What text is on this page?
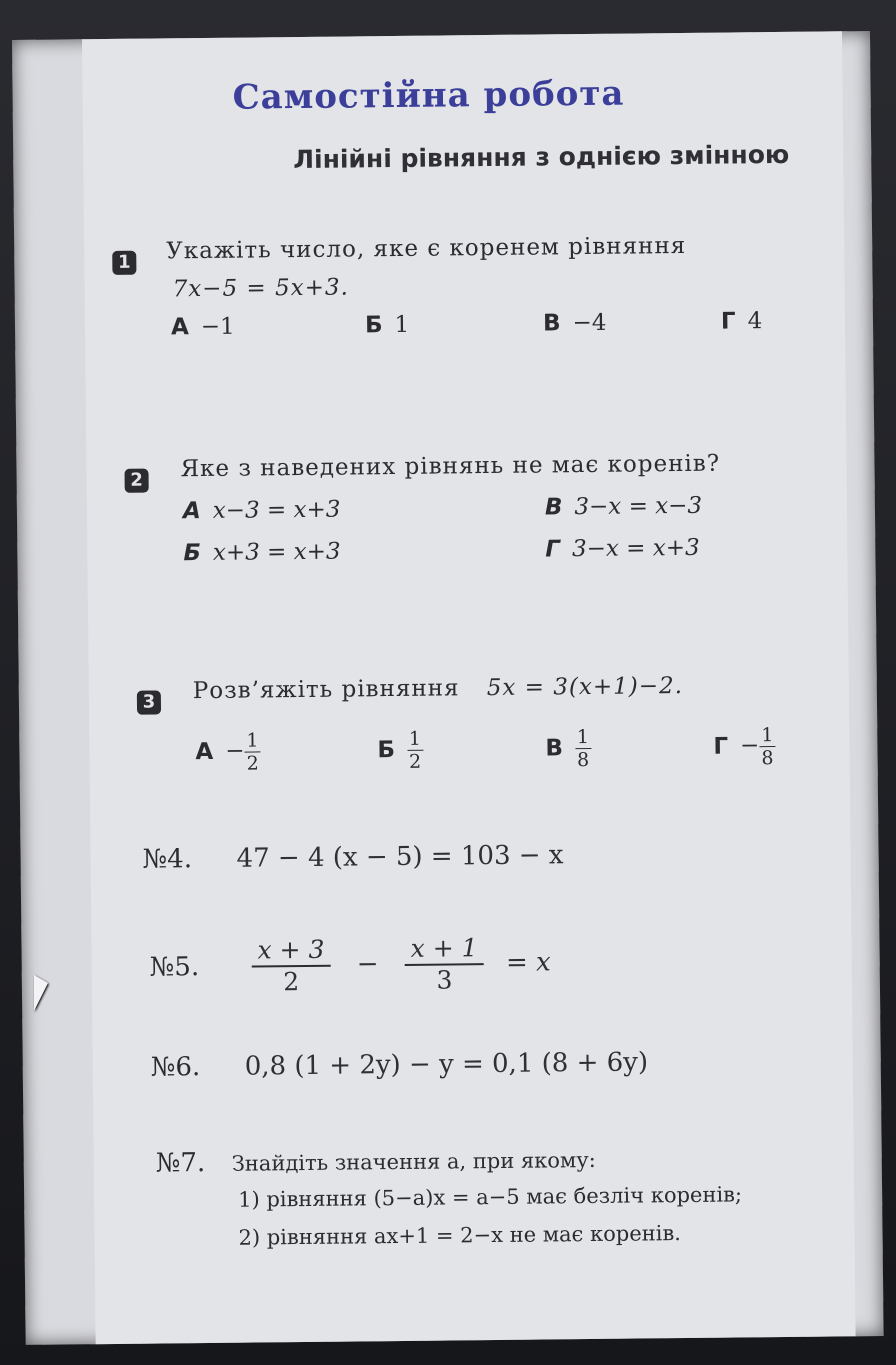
Самостійна робота
Лінійні рівняння з однією змінною
1 Укажіть число, яке є коренем рівняння
7x−5 = 5x+3.
А −1	Б 1	В −4	Г 4
2 Яке з наведених рівнянь не має коренів?
А x−3 = x+3	В 3−x = x−3
Б x+3 = x+3	Г 3−x = x+3
3 Розв’яжіть рівняння 5x = 3(x+1)−2.
$А - \frac{1}{2}$	Б $\frac{1}{2}$	В $\frac{1}{8}$	$Г - \frac{1}{8}$
№4. 47 − 4 (x − 5) = 103 − x
№5. $\frac{x + 3}{2} - \frac{x + 1}{3} = x$
№6. 0,8 (1 + 2y) − y = 0,1 (8 + 6y)
№7. Знайдіть значення a, при якому:
1) рівняння (5−a)x = a−5 має безліч коренів;
2) рівняння ax+1 = 2−x не має коренів.
